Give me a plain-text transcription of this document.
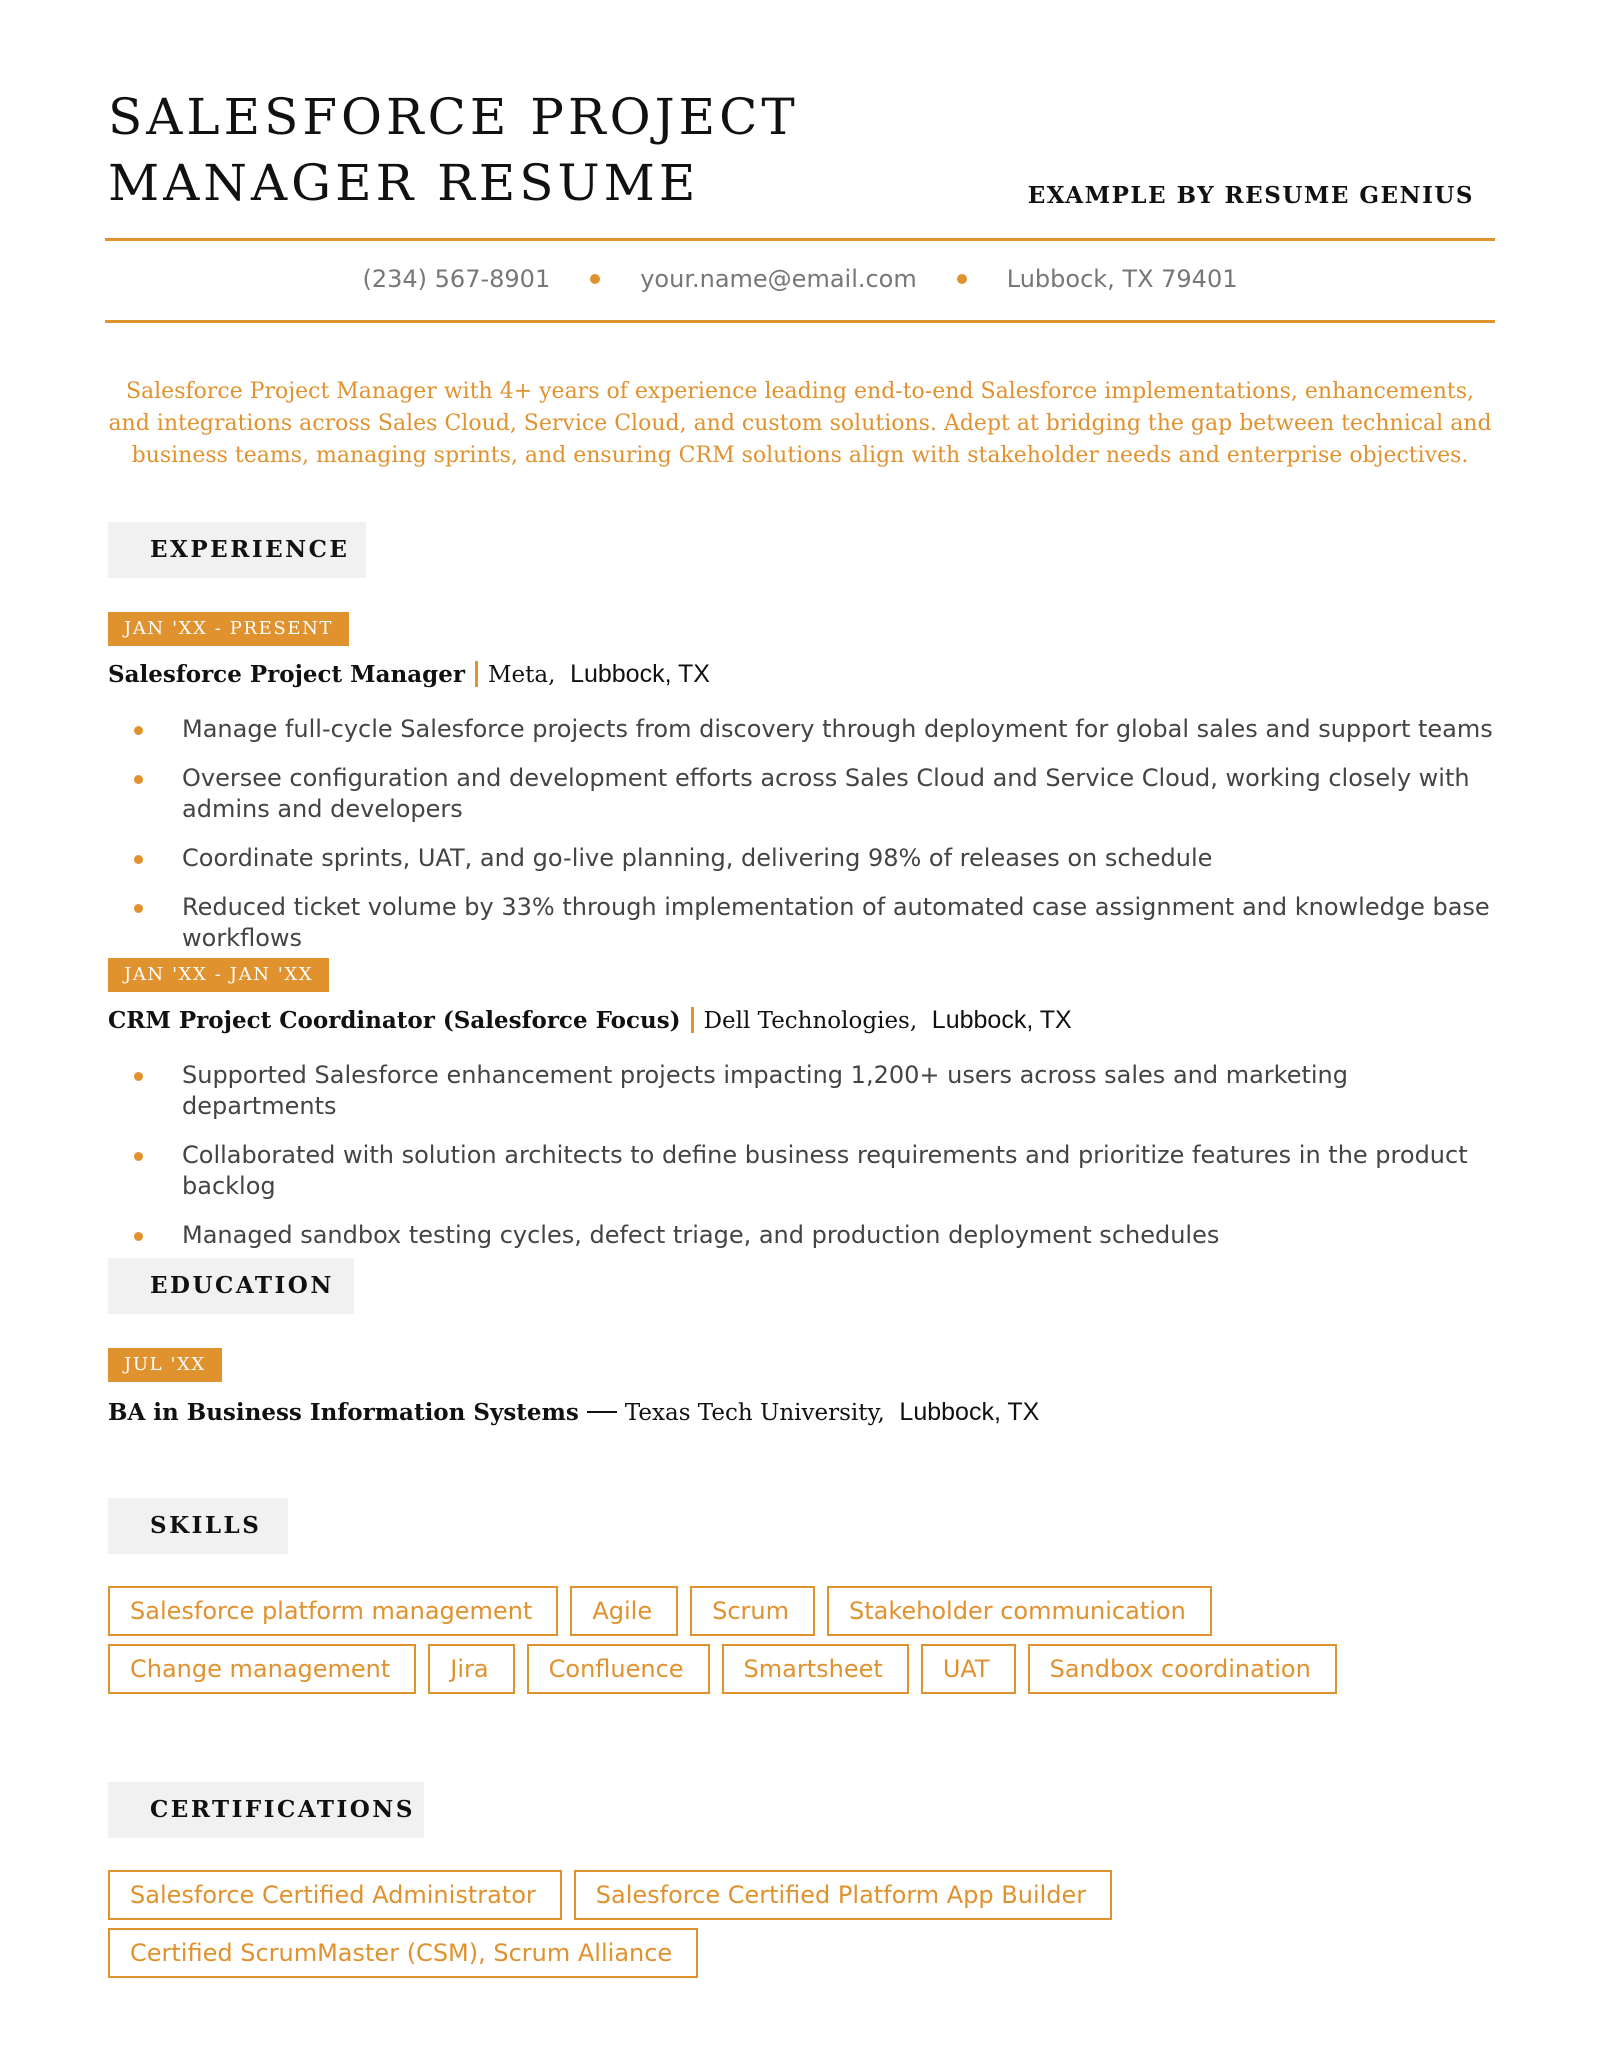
SALESFORCE PROJECT
MANAGER RESUME	EXAMPLE BY RESUME GENIUS
(234) 567-8901	your.name@email.com	Lubbock, TX 79401
Salesforce Project Manager with 4+ years of experience leading end-to-end Salesforce implementations, enhancements, and integrations across Sales Cloud, Service Cloud, and custom solutions. Adept at bridging the gap between technical and business teams, managing sprints, and ensuring CRM solutions align with stakeholder needs and enterprise objectives.
EXPERIENCE
JAN 'XX - PRESENT
Salesforce Project Manager Meta, Lubbock, TX
Manage full-cycle Salesforce projects from discovery through deployment for global sales and support teams
Oversee configuration and development efforts across Sales Cloud and Service Cloud, working closely with admins and developers
Coordinate sprints, UAT, and go-live planning, delivering 98% of releases on schedule
Reduced ticket volume by 33% through implementation of automated case assignment and knowledge base workflows
JAN 'XX - JAN 'XX
CRM Project Coordinator (Salesforce Focus) Dell Technologies, Lubbock, TX
Supported Salesforce enhancement projects impacting 1,200+ users across sales and marketing departments
Collaborated with solution architects to define business requirements and prioritize features in the product backlog
Managed sandbox testing cycles, defect triage, and production deployment schedules
EDUCATION
JUL 'XX
BA in Business Information Systems Texas Tech University, Lubbock, TX
SKILLS
Salesforce platform management	Agile	Scrum	Stakeholder communication
Change management	Jira	Confluence	Smartsheet	UAT	Sandbox coordination
CERTIFICATIONS
Salesforce Certified Administrator	Salesforce Certified Platform App Builder
Certified ScrumMaster (CSM), Scrum Alliance
